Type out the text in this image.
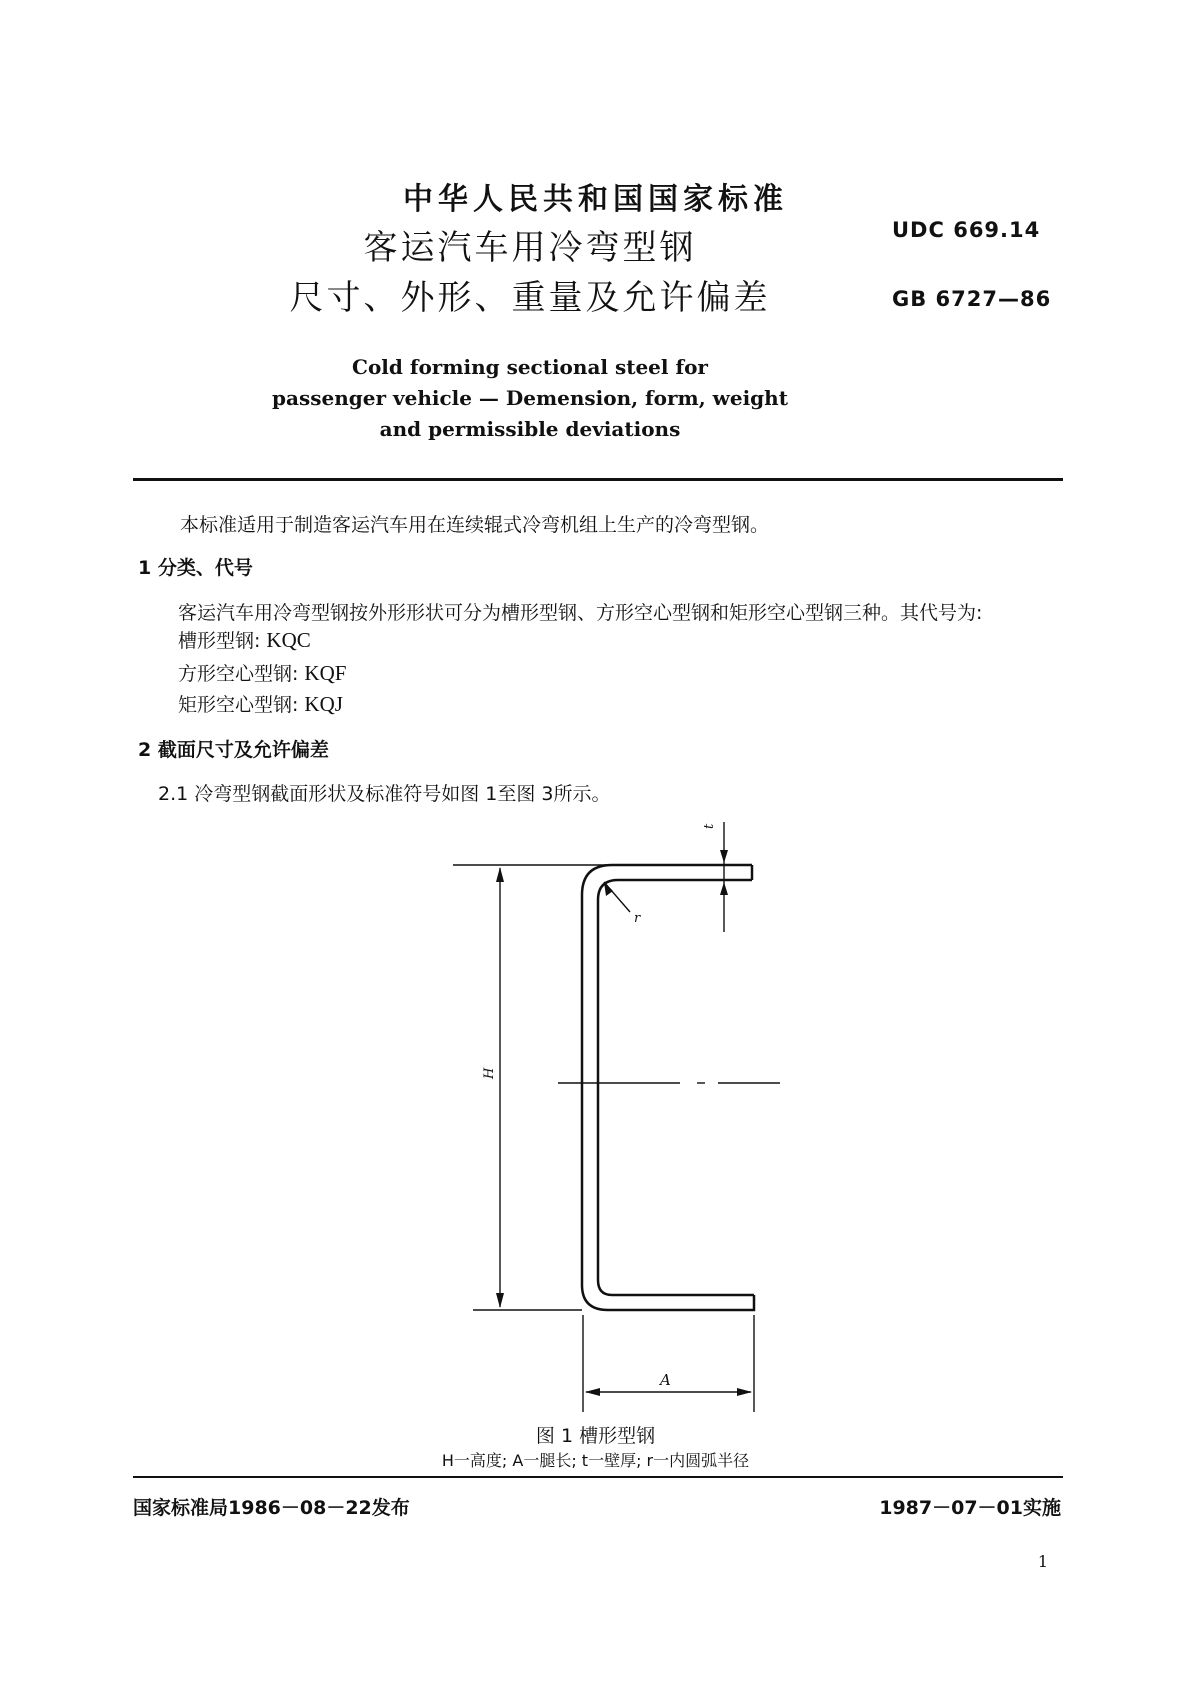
中华人民共和国国家标准
客运汽车用冷弯型钢
尺寸、外形、重量及允许偏差
UDC 669.14
GB 6727—86
Cold forming sectional steel for
passenger vehicle — Demension, form, weight
and permissible deviations
本标准适用于制造客运汽车用在连续辊式冷弯机组上生产的冷弯型钢。
1 分类、代号
客运汽车用冷弯型钢按外形形状可分为槽形型钢、方形空心型钢和矩形空心型钢三种。其代号为:
槽形型钢: KQC
方形空心型钢: KQF
矩形空心型钢: KQJ
2 截面尺寸及允许偏差
2.1 冷弯型钢截面形状及标准符号如图 1至图 3所示。
t
r
H
A
图 1 槽形型钢
H一高度; A一腿长; t一壁厚; r一内圆弧半径
国家标准局1986－08－22发布	1987－07－01实施
1
